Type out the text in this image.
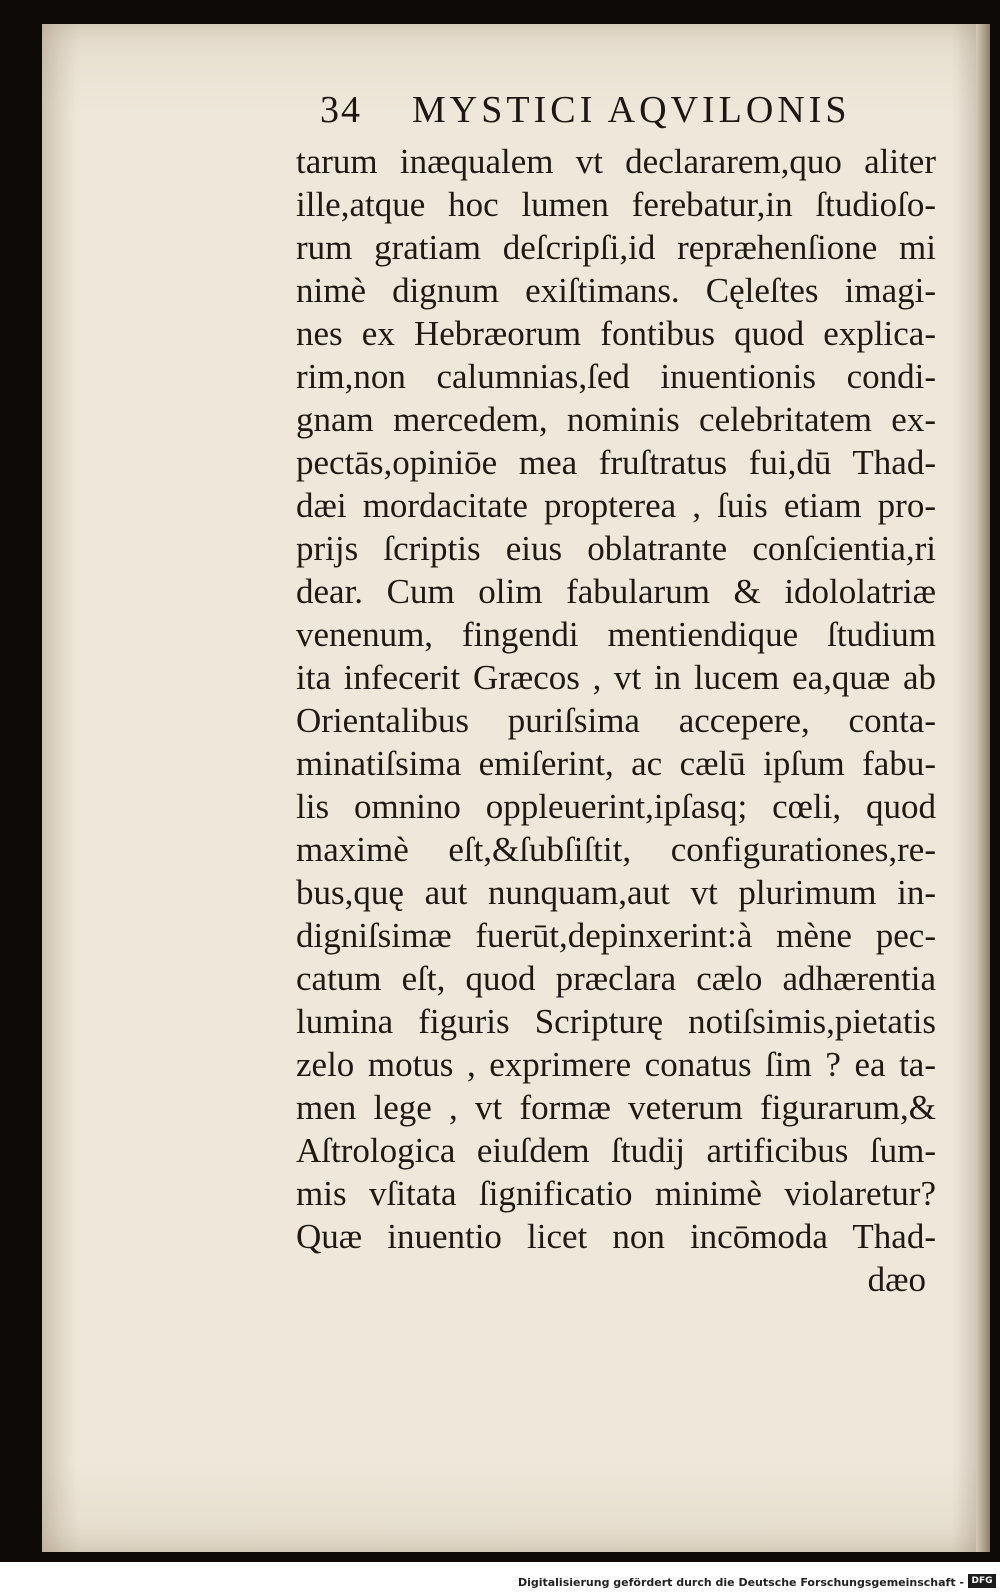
34 MYSTICI AQVILONIS
tarum inæqualem vt declararem,quo aliter
ille,atque hoc lumen ferebatur,in ſtudioſo-
rum gratiam deſcripſi,id repræhenſione mi
nimè dignum exiſtimans. Cęleſtes imagi-
nes ex Hebræorum fontibus quod explica-
rim,non calumnias,ſed inuentionis condi-
gnam mercedem, nominis celebritatem ex-
pectās,opiniōe mea fruſtratus fui,dū Thad-
dæi mordacitate propterea , ſuis etiam pro-
prijs ſcriptis eius oblatrante conſcientia,ri
dear. Cum olim fabularum & idololatriæ
venenum, fingendi mentiendique ſtudium
ita infecerit Græcos , vt in lucem ea,quæ ab
Orientalibus puriſsima accepere, conta-
minatiſsima emiſerint, ac cælū ipſum fabu-
lis omnino oppleuerint,ipſasq; cœli, quod
maximè eſt,&ſubſiſtit, configurationes,re-
bus,quę aut nunquam,aut vt plurimum in-
digniſsimæ fuerūt,depinxerint:à mène pec-
catum eſt, quod præclara cælo adhærentia
lumina figuris Scripturę notiſsimis,pietatis
zelo motus , exprimere conatus ſim ? ea ta-
men lege , vt formæ veterum figurarum,&
Aſtrologica eiuſdem ſtudij artificibus ſum-
mis vſitata ſignificatio minimè violaretur?
Quæ inuentio licet non incōmoda Thad-
dæo
Digitalisierung gefördert durch die Deutsche Forschungsgemeinschaft - DFG
